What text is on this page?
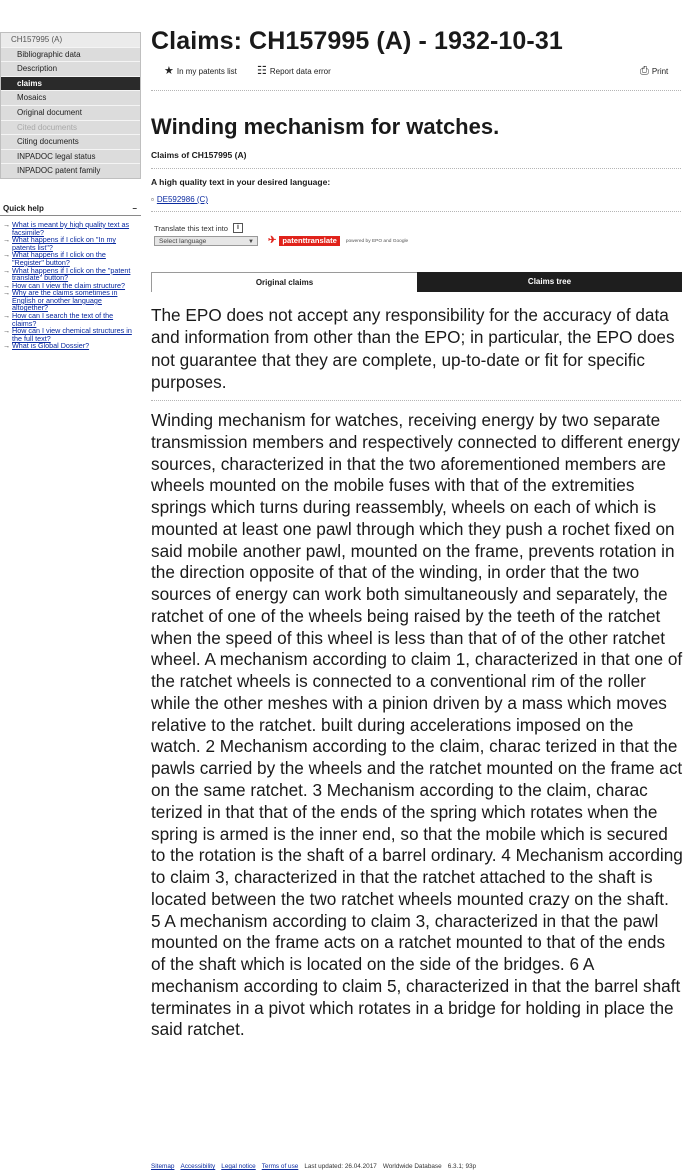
CH157995 (A)
Bibliographic data
Description
claims
Mosaics
Original document
Cited documents
Citing documents
INPADOC legal status
INPADOC patent family
Quick help	–
→ What is meant by high quality text as facsimile?
→ What happens if I click on "In my patents list"?
→ What happens if I click on the "Register" button?
→ What happens if I click on the "patent translate" button?
→ How can I view the claim structure?
→ Why are the claims sometimes in English or another language altogether?
→ How can I search the text of the claims?
→ How can I view chemical structures in the full text?
→ What is Global Dossier?
Claims: CH157995 (A) - 1932-10-31
★ In my patents list ☷ Report data error	⎙ Print
Winding mechanism for watches.
Claims of CH157995 (A)
A high quality text in your desired language:
▫ DE592986 (C)
Translate this text into	i
Select language	▼ ✈ patenttranslate	powered by EPO and Google
Original claims	Claims tree

The EPO does not accept any responsibility for the accuracy of data and information from other than the EPO; in particular, the EPO does not guarantee that they are complete, up-to-date or fit for specific purposes.

Winding mechanism for watches, receiving energy by two separate transmission members and respectively connected to different energy sources, characterized in that the two aforementioned members are wheels mounted on the mobile fuses with that of the extremities springs which turns during reassembly, wheels on each of which is mounted at least one pawl through which they push a rochet fixed on said mobile another pawl, mounted on the frame, prevents rotation in the direction opposite of that of the winding, in order that the two sources of energy can work both simultaneously and separately, the ratchet of one of the wheels being raised by the teeth of the ratchet when the speed of this wheel is less than that of of the other ratchet wheel. A mechanism according to claim 1, characterized in that one of the ratchet wheels is connected to a conventional rim of the roller while the other meshes with a pinion driven by a mass which moves relative to the ratchet. built during accelerations imposed on the watch. 2 Mechanism according to the claim, charac terized in that the pawls carried by the wheels and the ratchet mounted on the frame act on the same ratchet. 3 Mechanism according to the claim, charac terized in that that of the ends of the spring which rotates when the spring is armed is the inner end, so that the mobile which is secured to the rotation is the shaft of a barrel ordinary. 4 Mechanism according to claim 3, characterized in that the ratchet attached to the shaft is located between the two ratchet wheels mounted crazy on the shaft. 5 A mechanism according to claim 3, characterized in that the pawl mounted on the frame acts on a ratchet mounted to that of the ends of the shaft which is located on the side of the bridges. 6 A mechanism according to claim 5, characterized in that the barrel shaft terminates in a pivot which rotates in a bridge for holding in place the said ratchet.

Sitemap Accessibility Legal notice Terms of use Last updated: 26.04.2017 Worldwide Database 6.3.1; 93p
